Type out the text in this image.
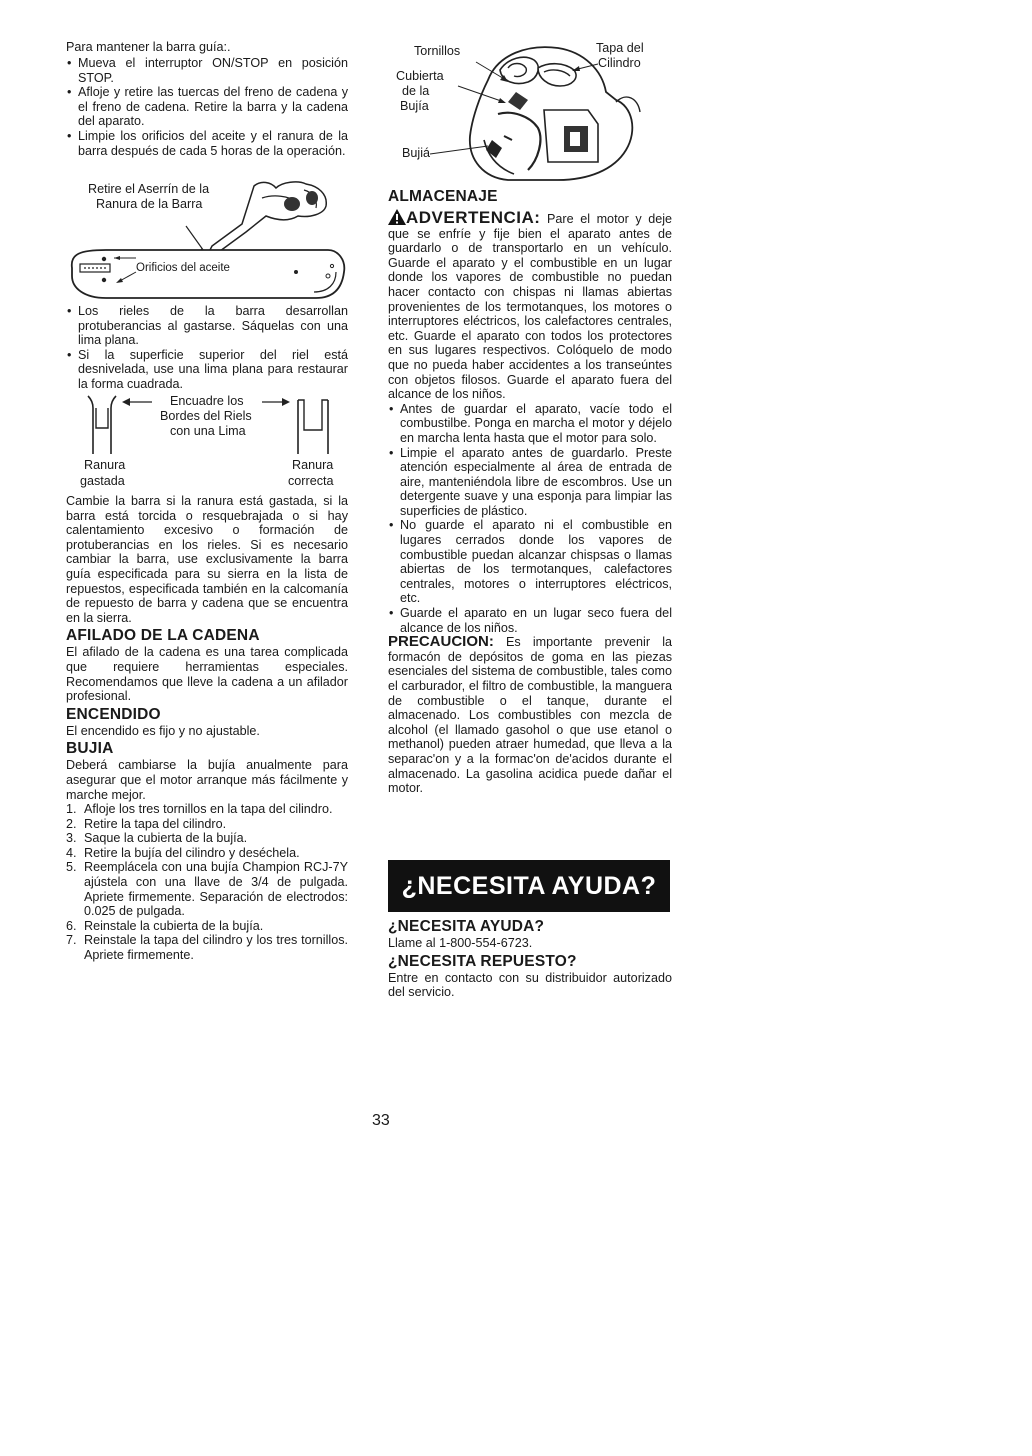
Para mantener la barra guía:.

• Mueva el interruptor ON/STOP en posición STOP.
• Afloje y retire las tuercas del freno de cadena y el freno de cadena. Retire la barra y la cadena del aparato.
• Limpie los orificios del aceite y el ranura de la barra después de cada 5 horas de la operación.
Retire el Aserrín de la
Ranura de la Barra
Orificios del aceite
• Los rieles de la barra desarrollan protuberancias al gastarse. Sáquelas con una lima plana.
• Si la superficie superior del riel está desnivelada, use una lima plana para restaurar la forma cuadrada.
Encuadre los
Bordes del Riels
con una Lima
Ranura
gastada
Ranura
correcta

Cambie la barra si la ranura está gastada, si la barra está torcida o resquebrajada o si hay calentamiento excesivo o formación de protuberancias en los rieles. Si es necesario cambiar la barra, use exclusivamente la barra guía especificada para su sierra en la lista de repuestos, especificada también en la calcomanía de repuesto de barra y cadena que se encuentra en la sierra.

AFILADO DE LA CADENA

El afilado de la cadena es una tarea complicada que requiere herramientas especiales. Recomendamos que lleve la cadena a un afilador profesional.

ENCENDIDO

El encendido es fijo y no ajustable.

BUJIA

Deberá cambiarse la bujía anualmente para asegurar que el motor arranque más fácilmente y marche mejor.

1. Afloje los tres tornillos en la tapa del cilindro.
2. Retire la tapa del cilindro.
3. Saque la cubierta de la bujía.
4. Retire la bujía del cilindro y deséchela.
5. Reemplácela con una bujía Champion RCJ-7Y ajústela con una llave de 3/4 de pulgada. Apriete firmemente. Separación de electrodos: 0.025 de pulgada.
6. Reinstale la cubierta de la bujía.
7. Reinstale la tapa del cilindro y los tres tornillos. Apriete firmemente.
Tornillos	Tapa del
Cilindro
Cubierta
de la
Bujía
Bujiá
ALMACENAJE

ADVERTENCIA: Pare el motor y deje que se enfríe y fije bien el aparato antes de guardarlo o de transportarlo en un vehículo. Guarde el aparato y el combustible en un lugar donde los vapores de combustible no puedan hacer contacto con chispas ni llamas abiertas provenientes de los termotanques, los motores o interruptores eléctricos, los calefactores centrales, etc. Guarde el aparato con todos los protectores en sus lugares respectivos. Colóquelo de modo que no pueda haber accidentes a los transeúntes con objetos filosos. Guarde el aparato fuera del alcance de los niños.

• Antes de guardar el aparato, vacíe todo el combustilbe. Ponga en marcha el motor y déjelo en marcha lenta hasta que el motor para solo.
• Limpie el aparato antes de guardarlo. Preste atención especialmente al área de entrada de aire, manteniéndola libre de escombros. Use un detergente suave y una esponja para limpiar las superficies de plástico.
• No guarde el aparato ni el combustible en lugares cerrados donde los vapores de combustible puedan alcanzar chispsas o llamas abiertas de los termotanques, calefactores centrales, motores o interruptores eléctricos, etc.
• Guarde el aparato en un lugar seco fuera del alcance de los niños.

PRECAUCION: Es importante prevenir la formacón de depósitos de goma en las piezas esenciales del sistema de combustible, tales como el carburador, el filtro de combustible, la manguera de combustible o el tanque, durante el almacenado. Los combustibles con mezcla de alcohol (el llamado gasohol o que use etanol o methanol) pueden atraer humedad, que lleva a la separac'on y a la formac'on de'acidos durante el almacenado. La gasolina acidica puede dañar el motor.

¿NECESITA AYUDA?

Llame al 1-800-554-6723.

¿NECESITA REPUESTO?

Entre en contacto con su distribuidor autorizado del servicio.

¿NECESITA AYUDA?
33
